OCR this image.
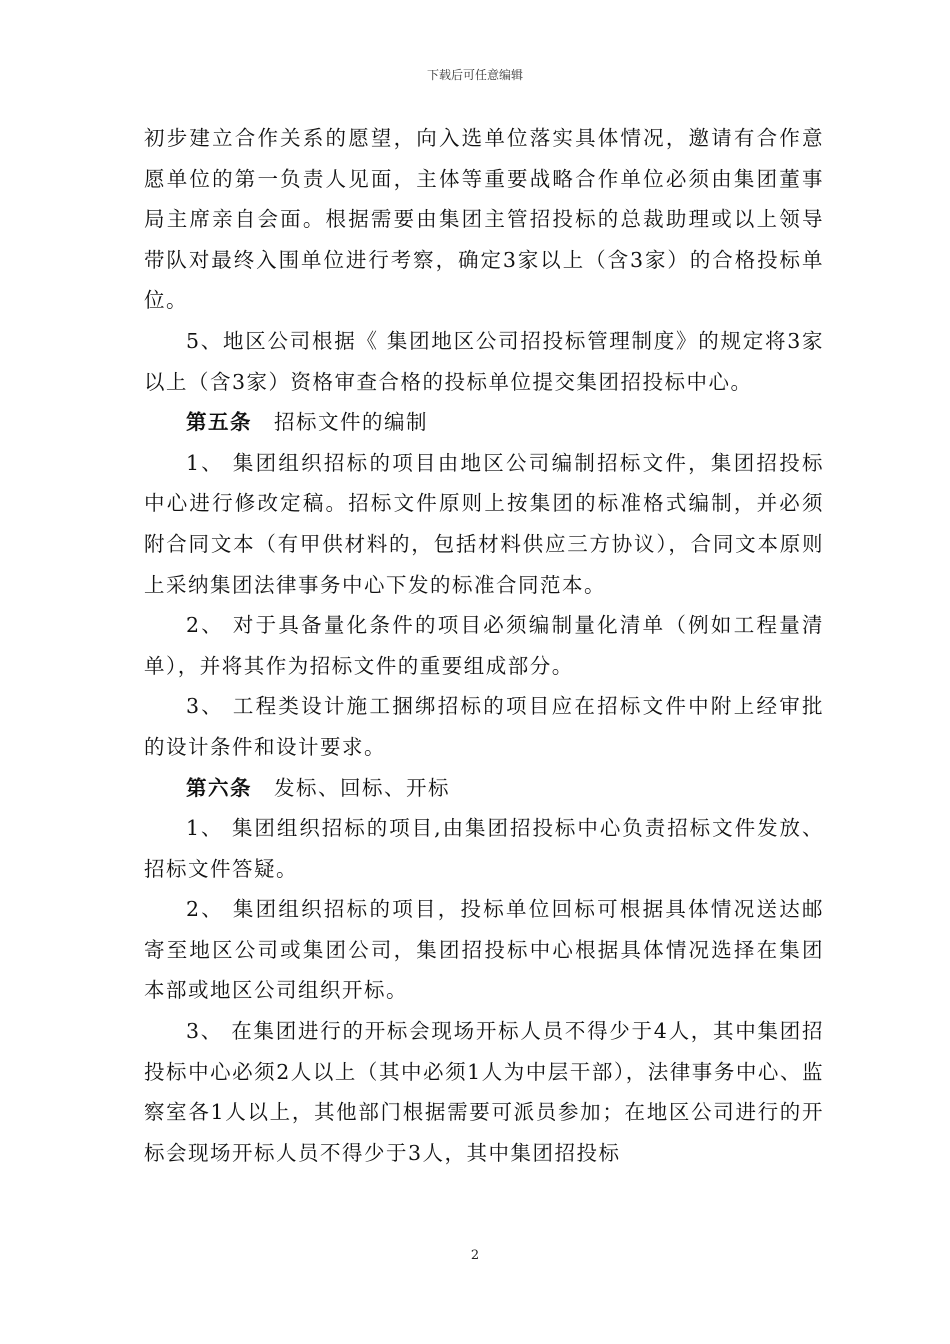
下载后可任意编辑

初步建立合作关系的愿望，向入选单位落实具体情况，邀请有合作意愿单位的第一负责人见面，主体等重要战略合作单位必须由集团董事局主席亲自会面。根据需要由集团主管招投标的总裁助理或以上领导带队对最终入围单位进行考察，确定3家以上（含3家）的合格投标单位。

5、地区公司根据《 集团地区公司招投标管理制度》的规定将3家以上（含3家）资格审查合格的投标单位提交集团招投标中心。

第五条 招标文件的编制

1、 集团组织招标的项目由地区公司编制招标文件，集团招投标中心进行修改定稿。招标文件原则上按集团的标准格式编制，并必须附合同文本（有甲供材料的，包括材料供应三方协议），合同文本原则上采纳集团法律事务中心下发的标准合同范本。

2、 对于具备量化条件的项目必须编制量化清单（例如工程量清单），并将其作为招标文件的重要组成部分。

3、 工程类设计施工捆绑招标的项目应在招标文件中附上经审批的设计条件和设计要求。

第六条 发标、回标、开标

1、 集团组织招标的项目,由集团招投标中心负责招标文件发放、招标文件答疑。

2、 集团组织招标的项目，投标单位回标可根据具体情况送达邮寄至地区公司或集团公司，集团招投标中心根据具体情况选择在集团本部或地区公司组织开标。

3、 在集团进行的开标会现场开标人员不得少于4人，其中集团招投标中心必须2人以上（其中必须1人为中层干部），法律事务中心、监察室各1人以上，其他部门根据需要可派员参加；在地区公司进行的开标会现场开标人员不得少于3人，其中集团招投标

2
